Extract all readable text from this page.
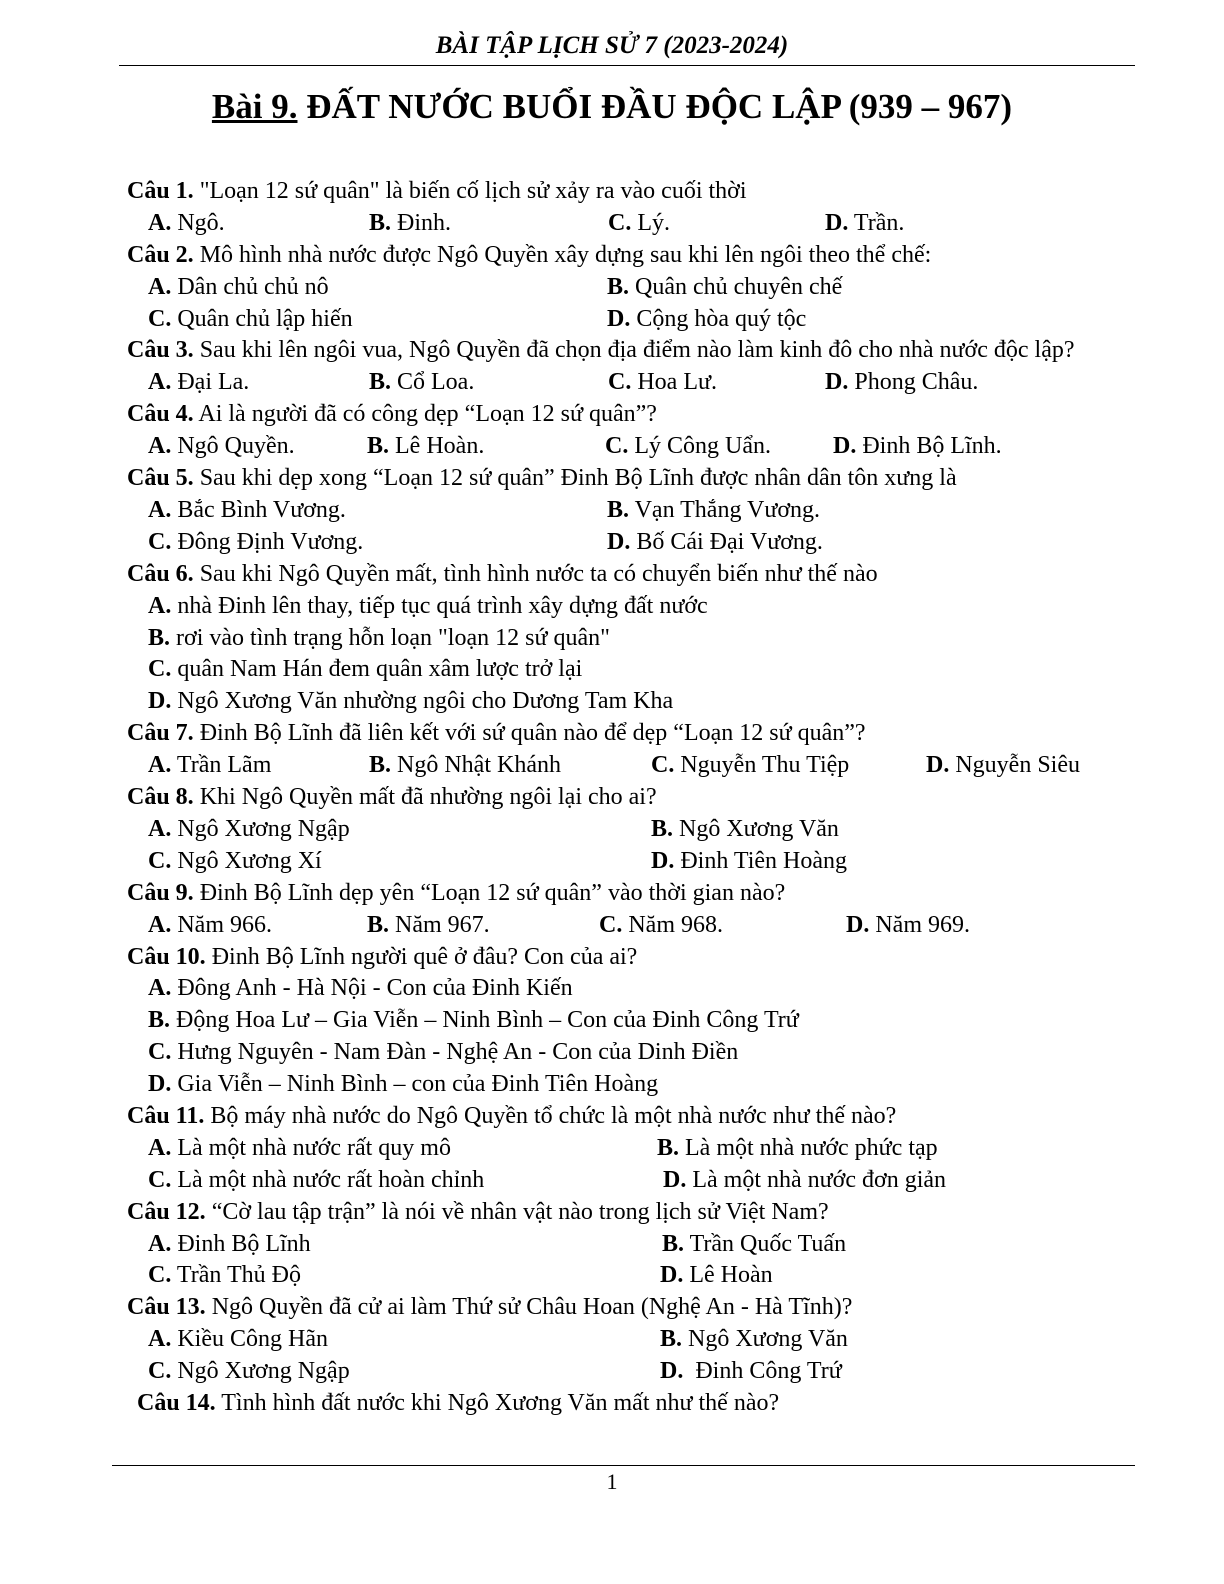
BÀI TẬP LỊCH SỬ 7 (2023-2024)
Bài 9. ĐẤT NƯỚC BUỔI ĐẦU ĐỘC LẬP (939 – 967)
Câu 1. "Loạn 12 sứ quân" là biến cố lịch sử xảy ra vào cuối thời
A. Ngô.	B. Đinh.	C. Lý.	D. Trần.
Câu 2. Mô hình nhà nước được Ngô Quyền xây dựng sau khi lên ngôi theo thể chế:
A. Dân chủ chủ nô	B. Quân chủ chuyên chế
C. Quân chủ lập hiến	D. Cộng hòa quý tộc
Câu 3. Sau khi lên ngôi vua, Ngô Quyền đã chọn địa điểm nào làm kinh đô cho nhà nước độc lập?
A. Đại La.	B. Cổ Loa.	C. Hoa Lư.	D. Phong Châu.
Câu 4. Ai là người đã có công dẹp “Loạn 12 sứ quân”?
A. Ngô Quyền.	B. Lê Hoàn.	C. Lý Công Uẩn.	D. Đinh Bộ Lĩnh.
Câu 5. Sau khi dẹp xong “Loạn 12 sứ quân” Đinh Bộ Lĩnh được nhân dân tôn xưng là
A. Bắc Bình Vương.	B. Vạn Thắng Vương.
C. Đông Định Vương.	D. Bố Cái Đại Vương.
Câu 6. Sau khi Ngô Quyền mất, tình hình nước ta có chuyển biến như thế nào
A. nhà Đinh lên thay, tiếp tục quá trình xây dựng đất nước
B. rơi vào tình trạng hỗn loạn "loạn 12 sứ quân"
C. quân Nam Hán đem quân xâm lược trở lại
D. Ngô Xương Văn nhường ngôi cho Dương Tam Kha
Câu 7. Đinh Bộ Lĩnh đã liên kết với sứ quân nào để dẹp “Loạn 12 sứ quân”?
A. Trần Lãm	B. Ngô Nhật Khánh	C. Nguyễn Thu Tiệp	D. Nguyễn Siêu
Câu 8. Khi Ngô Quyền mất đã nhường ngôi lại cho ai?
A. Ngô Xương Ngập	B. Ngô Xương Văn
C. Ngô Xương Xí	D. Đinh Tiên Hoàng
Câu 9. Đinh Bộ Lĩnh dẹp yên “Loạn 12 sứ quân” vào thời gian nào?
A. Năm 966.	B. Năm 967.	C. Năm 968.	D. Năm 969.
Câu 10. Đinh Bộ Lĩnh người quê ở đâu? Con của ai?
A. Đông Anh - Hà Nội - Con của Đinh Kiến
B. Động Hoa Lư – Gia Viễn – Ninh Bình – Con của Đinh Công Trứ
C. Hưng Nguyên - Nam Đàn - Nghệ An - Con của Dinh Điền
D. Gia Viễn – Ninh Bình – con của Đinh Tiên Hoàng
Câu 11. Bộ máy nhà nước do Ngô Quyền tổ chức là một nhà nước như thế nào?
A. Là một nhà nước rất quy mô	B. Là một nhà nước phức tạp
C. Là một nhà nước rất hoàn chỉnh	D. Là một nhà nước đơn giản
Câu 12. “Cờ lau tập trận” là nói về nhân vật nào trong lịch sử Việt Nam?
A. Đinh Bộ Lĩnh	B. Trần Quốc Tuấn
C. Trần Thủ Độ	D. Lê Hoàn
Câu 13. Ngô Quyền đã cử ai làm Thứ sử Châu Hoan (Nghệ An - Hà Tĩnh)?
A. Kiều Công Hãn	B. Ngô Xương Văn
C. Ngô Xương Ngập	D. Đinh Công Trứ
Câu 14. Tình hình đất nước khi Ngô Xương Văn mất như thế nào?
1
